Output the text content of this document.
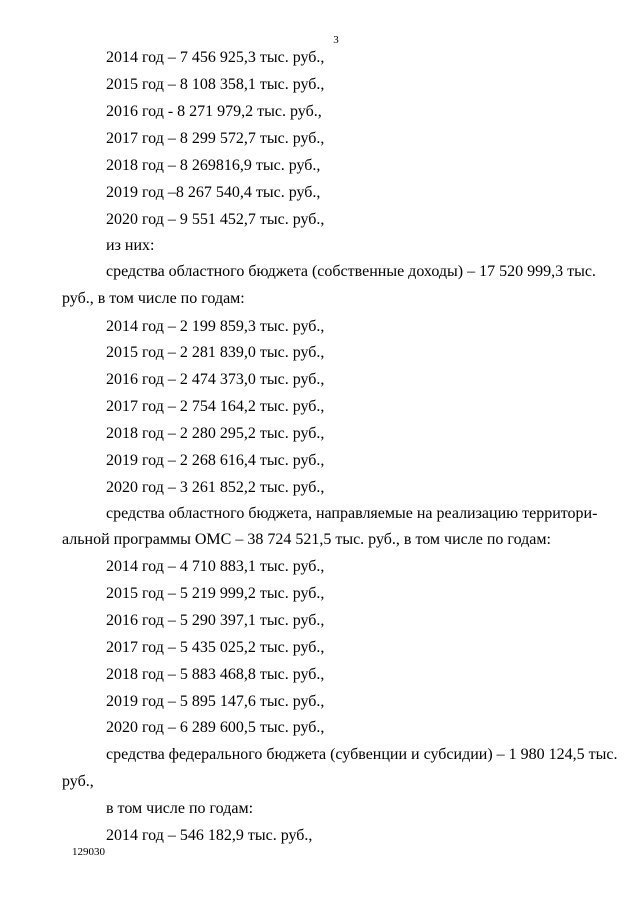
3
2014 год – 7 456 925,3 тыс. руб.,
2015 год – 8 108 358,1 тыс. руб.,
2016 год - 8 271 979,2 тыс. руб.,
2017 год – 8 299 572,7 тыс. руб.,
2018 год – 8 269816,9 тыс. руб.,
2019 год –8 267 540,4 тыс. руб.,
2020 год – 9 551 452,7 тыс. руб.,
из них:
средства областного бюджета (собственные доходы) – 17 520 999,3 тыс.
руб., в том числе по годам:
2014 год – 2 199 859,3 тыс. руб.,
2015 год – 2 281 839,0 тыс. руб.,
2016 год – 2 474 373,0 тыс. руб.,
2017 год – 2 754 164,2 тыс. руб.,
2018 год – 2 280 295,2 тыс. руб.,
2019 год – 2 268 616,4 тыс. руб.,
2020 год – 3 261 852,2 тыс. руб.,
средства областного бюджета, направляемые на реализацию территори-
альной программы ОМС – 38 724 521,5 тыс. руб., в том числе по годам:
2014 год – 4 710 883,1 тыс. руб.,
2015 год – 5 219 999,2 тыс. руб.,
2016 год – 5 290 397,1 тыс. руб.,
2017 год – 5 435 025,2 тыс. руб.,
2018 год – 5 883 468,8 тыс. руб.,
2019 год – 5 895 147,6 тыс. руб.,
2020 год – 6 289 600,5 тыс. руб.,
средства федерального бюджета (субвенции и субсидии) – 1 980 124,5 тыс.
руб.,
в том числе по годам:
2014 год – 546 182,9 тыс. руб.,
129030
